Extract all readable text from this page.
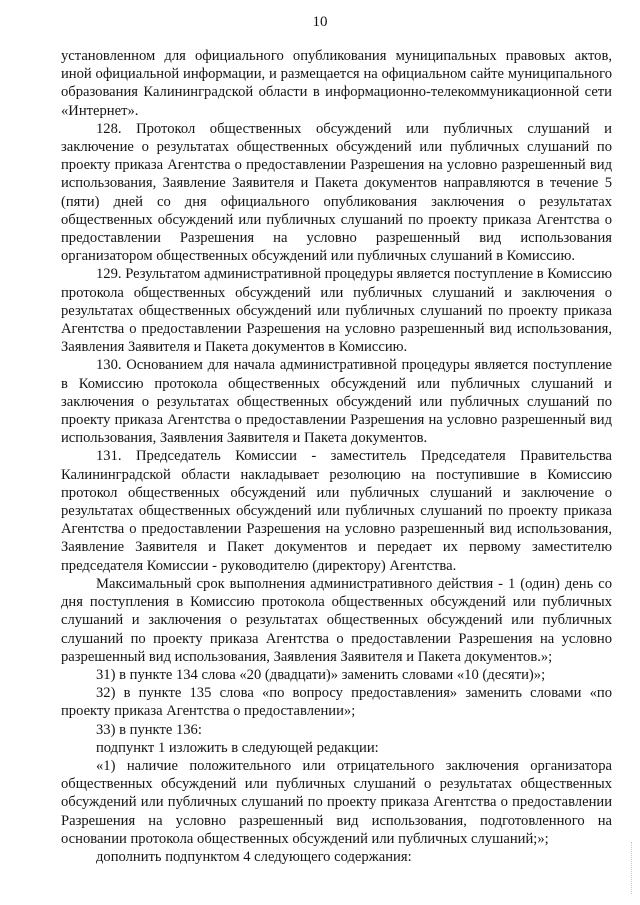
10

установленном для официального опубликования муниципальных правовых актов, иной официальной информации, и размещается на официальном сайте муниципального образования Калининградской области в информационно-телекоммуникационной сети «Интернет».

128. Протокол общественных обсуждений или публичных слушаний и заключение о результатах общественных обсуждений или публичных слушаний по проекту приказа Агентства о предоставлении Разрешения на условно разрешенный вид использования, Заявление Заявителя и Пакета документов направляются в течение 5 (пяти) дней со дня официального опубликования заключения о результатах общественных обсуждений или публичных слушаний по проекту приказа Агентства о предоставлении Разрешения на условно разрешенный вид использования организатором общественных обсуждений или публичных слушаний в Комиссию.

129. Результатом административной процедуры является поступление в Комиссию протокола общественных обсуждений или публичных слушаний и заключения о результатах общественных обсуждений или публичных слушаний по проекту приказа Агентства о предоставлении Разрешения на условно разрешенный вид использования, Заявления Заявителя и Пакета документов в Комиссию.

130. Основанием для начала административной процедуры является поступление в Комиссию протокола общественных обсуждений или публичных слушаний и заключения о результатах общественных обсуждений или публичных слушаний по проекту приказа Агентства о предоставлении Разрешения на условно разрешенный вид использования, Заявления Заявителя и Пакета документов.

131. Председатель Комиссии - заместитель Председателя Правительства Калининградской области накладывает резолюцию на поступившие в Комиссию протокол общественных обсуждений или публичных слушаний и заключение о результатах общественных обсуждений или публичных слушаний по проекту приказа Агентства о предоставлении Разрешения на условно разрешенный вид использования, Заявление Заявителя и Пакет документов и передает их первому заместителю председателя Комиссии - руководителю (директору) Агентства.

Максимальный срок выполнения административного действия - 1 (один) день со дня поступления в Комиссию протокола общественных обсуждений или публичных слушаний и заключения о результатах общественных обсуждений или публичных слушаний по проекту приказа Агентства о предоставлении Разрешения на условно разрешенный вид использования, Заявления Заявителя и Пакета документов.»;

31) в пункте 134 слова «20 (двадцати)» заменить словами «10 (десяти)»;

32) в пункте 135 слова «по вопросу предоставления» заменить словами «по проекту приказа Агентства о предоставлении»;

33) в пункте 136:

подпункт 1 изложить в следующей редакции:

«1) наличие положительного или отрицательного заключения организатора общественных обсуждений или публичных слушаний о результатах общественных обсуждений или публичных слушаний по проекту приказа Агентства о предоставлении Разрешения на условно разрешенный вид использования, подготовленного на основании протокола общественных обсуждений или публичных слушаний;»;

дополнить подпунктом 4 следующего содержания:
